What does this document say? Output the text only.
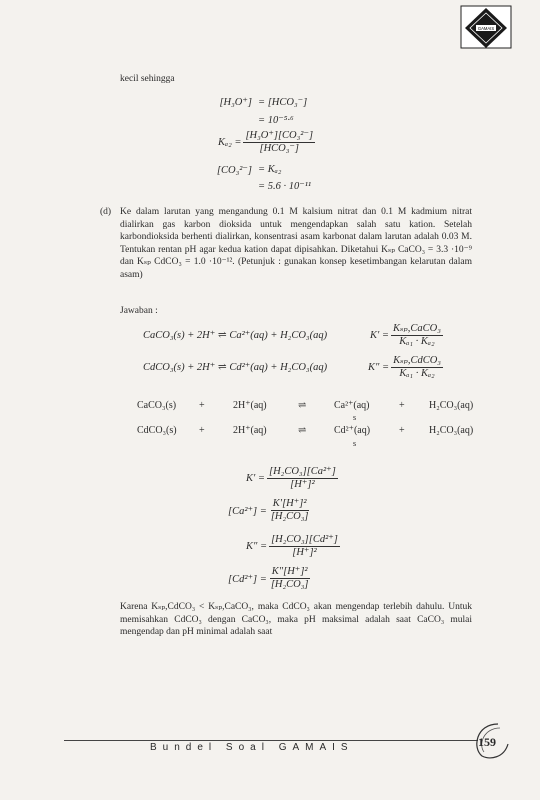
GAMAIS
kecil sehingga
[H₃O⁺] = [HCO₃⁻]
= 10⁻⁵·⁶
$K_{a2} = \frac{\text{[H₃O⁺][CO₃²⁻]}}{\text{[HCO₃⁻]}}$
[CO₃²⁻] = Kₐ₂
= 5.6 · 10⁻¹¹
(d) Ke dalam larutan yang mengandung 0.1 M kalsium nitrat dan 0.1 M kadmium nitrat dialirkan gas karbon dioksida untuk mengendapkan salah satu kation. Setelah karbondioksida berhenti dialirkan, konsentrasi asam karbonat dalam larutan adalah 0.03 M. Tentukan rentan pH agar kedua kation dapat dipisahkan. Diketahui Kₛₚ CaCO₃ = 3.3 ·10⁻⁹ dan Kₛₚ CdCO₃ = 1.0 ·10⁻¹². (Petunjuk : gunakan konsep kesetimbangan kelarutan dalam asam)
Jawaban :
CaCO₃(s) + 2H⁺ ⇌ Ca²⁺(aq) + H₂CO₃(aq)	$K' = \frac{\text{Kₛₚ,CaCO₃}}{\text{Kₐ₁ · Kₐ₂}}$
CdCO₃(s) + 2H⁺ ⇌ Cd²⁺(aq) + H₂CO₃(aq)	$K'' = \frac{\text{Kₛₚ,CdCO₃}}{\text{Kₐ₁ · Kₐ₂}}$
CaCO₃(s) +	2H⁺(aq)	⇌	Ca²⁺(aq)	+ H₂CO₃(aq)
s
CdCO₃(s) +	2H⁺(aq)	⇌	Cd²⁺(aq)	+ H₂CO₃(aq)
s
$K' = \frac{\text{[H₂CO₃][Ca²⁺]}}{\text{[H⁺]²}}$
$[Ca^{2+}] = \frac{\text{K′[H⁺]²}}{\text{[H₂CO₃]}}$
$K'' = \frac{\text{[H₂CO₃][Cd²⁺]}}{\text{[H⁺]²}}$
$[Cd^{2+}] = \frac{\text{K″[H⁺]²}}{\text{[H₂CO₃]}}$
Karena Kₛₚ,CdCO₃ < Kₛₚ,CaCO₃, maka CdCO₃ akan mengendap terlebih dahulu. Untuk memisahkan CdCO₃ dengan CaCO₃, maka pH maksimal adalah saat CaCO₃ mulai mengendap dan pH minimal adalah saat
159
Bundel Soal GAMAIS
